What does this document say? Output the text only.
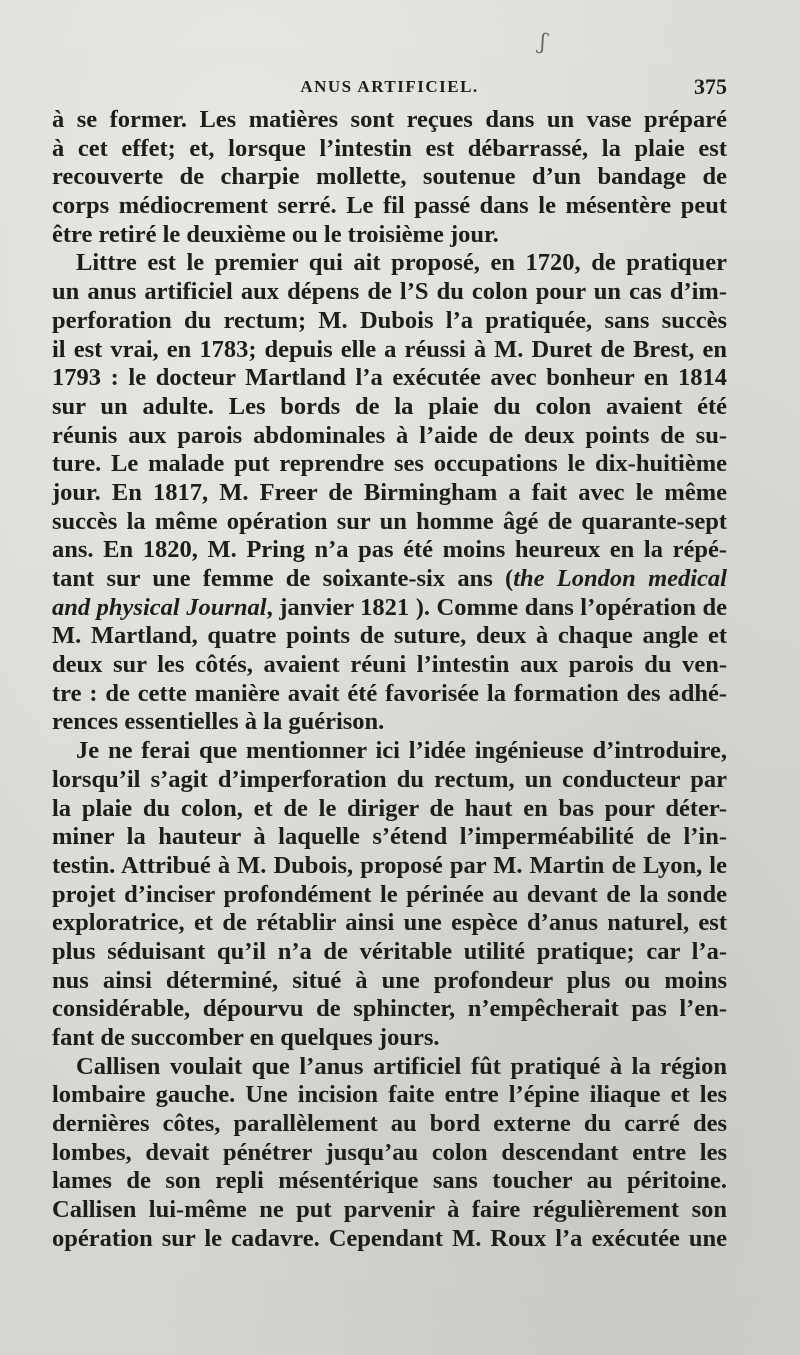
ʃ
ANUS ARTIFICIEL.	375
à se former. Les matières sont reçues dans un vase préparé
à cet effet; et, lorsque l’intestin est débarrassé, la plaie est
recouverte de charpie mollette, soutenue d’un bandage de
corps médiocrement serré. Le fil passé dans le mésentère peut
être retiré le deuxième ou le troisième jour.
Littre est le premier qui ait proposé, en 1720, de pratiquer
un anus artificiel aux dépens de l’S du colon pour un cas d’im-
perforation du rectum; M. Dubois l’a pratiquée, sans succès
il est vrai, en 1783; depuis elle a réussi à M. Duret de Brest, en
1793 : le docteur Martland l’a exécutée avec bonheur en 1814
sur un adulte. Les bords de la plaie du colon avaient été
réunis aux parois abdominales à l’aide de deux points de su-
ture. Le malade put reprendre ses occupations le dix-huitième
jour. En 1817, M. Freer de Birmingham a fait avec le même
succès la même opération sur un homme âgé de quarante-sept
ans. En 1820, M. Pring n’a pas été moins heureux en la répé-
tant sur une femme de soixante-six ans (the London medical
and physical Journal, janvier 1821 ). Comme dans l’opération de
M. Martland, quatre points de suture, deux à chaque angle et
deux sur les côtés, avaient réuni l’intestin aux parois du ven-
tre : de cette manière avait été favorisée la formation des adhé-
rences essentielles à la guérison.
Je ne ferai que mentionner ici l’idée ingénieuse d’introduire,
lorsqu’il s’agit d’imperforation du rectum, un conducteur par
la plaie du colon, et de le diriger de haut en bas pour déter-
miner la hauteur à laquelle s’étend l’imperméabilité de l’in-
testin. Attribué à M. Dubois, proposé par M. Martin de Lyon, le
projet d’inciser profondément le périnée au devant de la sonde
exploratrice, et de rétablir ainsi une espèce d’anus naturel, est
plus séduisant qu’il n’a de véritable utilité pratique; car l’a-
nus ainsi déterminé, situé à une profondeur plus ou moins
considérable, dépourvu de sphincter, n’empêcherait pas l’en-
fant de succomber en quelques jours.
Callisen voulait que l’anus artificiel fût pratiqué à la région
lombaire gauche. Une incision faite entre l’épine iliaque et les
dernières côtes, parallèlement au bord externe du carré des
lombes, devait pénétrer jusqu’au colon descendant entre les
lames de son repli mésentérique sans toucher au péritoine.
Callisen lui-même ne put parvenir à faire régulièrement son
opération sur le cadavre. Cependant M. Roux l’a exécutée une
